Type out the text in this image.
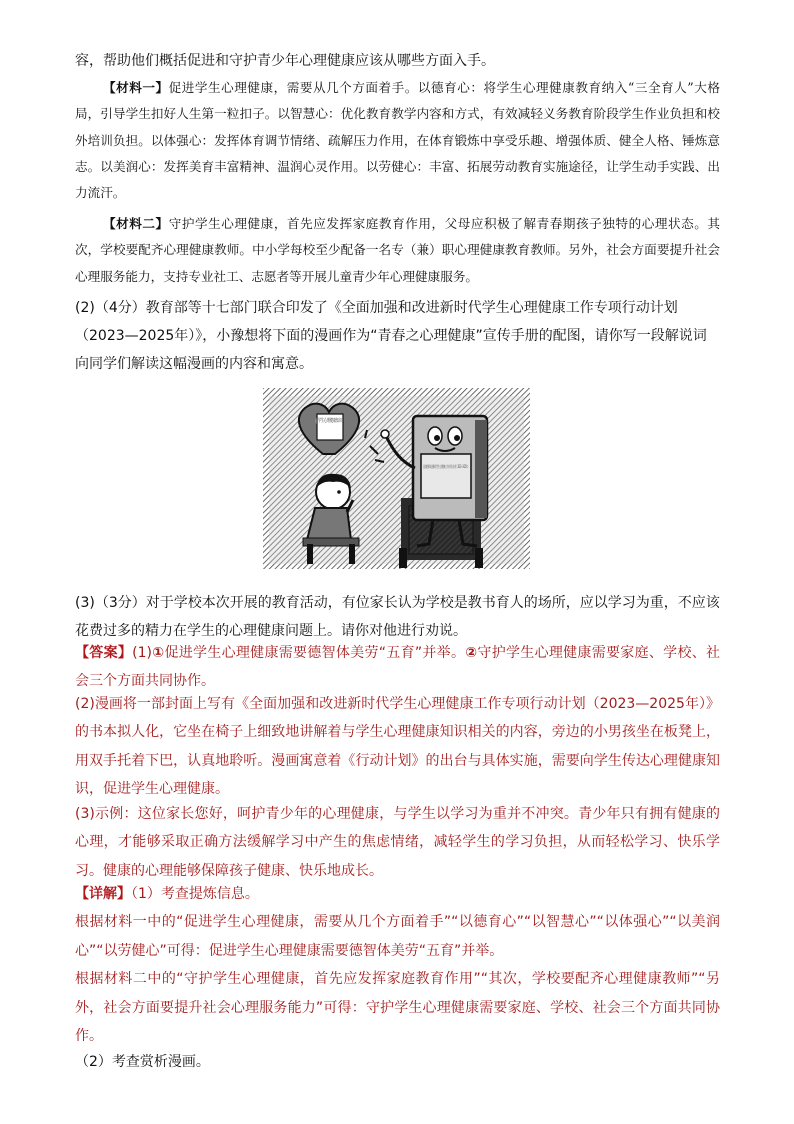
容，帮助他们概括促进和守护青少年心理健康应该从哪些方面入手。

【材料一】促进学生心理健康，需要从几个方面着手。以德育心：将学生心理健康教育纳入“三全育人”大格局，引导学生扣好人生第一粒扣子。以智慧心：优化教育教学内容和方式，有效减轻义务教育阶段学生作业负担和校外培训负担。以体强心：发挥体育调节情绪、疏解压力作用，在体育锻炼中享受乐趣、增强体质、健全人格、锤炼意志。以美润心：发挥美育丰富精神、温润心灵作用。以劳健心：丰富、拓展劳动教育实施途径，让学生动手实践、出力流汗。

【材料二】守护学生心理健康，首先应发挥家庭教育作用，父母应积极了解青春期孩子独特的心理状态。其次，学校要配齐心理健康教师。中小学每校至少配备一名专（兼）职心理健康教育教师。另外，社会方面要提升社会心理服务能力，支持专业社工、志愿者等开展儿童青少年心理健康服务。

(2)（4分）教育部等十七部门联合印发了《全面加强和改进新时代学生心理健康工作专项行动计划（2023—2025年）》，小豫想将下面的漫画作为“青春之心理健康”宣传手册的配图，请你写一段解说词向同学们解读这幅漫画的内容和寓意。

学生心理健康知识

(3)（3分）对于学校本次开展的教育活动，有位家长认为学校是教书育人的场所，应以学习为重，不应该花费过多的精力在学生的心理健康问题上。请你对他进行劝说。

【答案】(1)①促进学生心理健康需要德智体美劳“五育”并举。②守护学生心理健康需要家庭、学校、社会三个方面共同协作。

(2)漫画将一部封面上写有《全面加强和改进新时代学生心理健康工作专项行动计划（2023—2025年）》的书本拟人化，它坐在椅子上细致地讲解着与学生心理健康知识相关的内容，旁边的小男孩坐在板凳上，用双手托着下巴，认真地聆听。漫画寓意着《行动计划》的出台与具体实施，需要向学生传达心理健康知识，促进学生心理健康。

(3)示例：这位家长您好，呵护青少年的心理健康，与学生以学习为重并不冲突。青少年只有拥有健康的心理，才能够采取正确方法缓解学习中产生的焦虑情绪，减轻学生的学习负担，从而轻松学习、快乐学习。健康的心理能够保障孩子健康、快乐地成长。

【详解】（1）考查提炼信息。

根据材料一中的“促进学生心理健康，需要从几个方面着手”“以德育心”“以智慧心”“以体强心”“以美润心”“以劳健心”可得：促进学生心理健康需要德智体美劳“五育”并举。

根据材料二中的“守护学生心理健康，首先应发挥家庭教育作用”“其次，学校要配齐心理健康教师”“另外，社会方面要提升社会心理服务能力”可得：守护学生心理健康需要家庭、学校、社会三个方面共同协作。

（2）考查赏析漫画。
